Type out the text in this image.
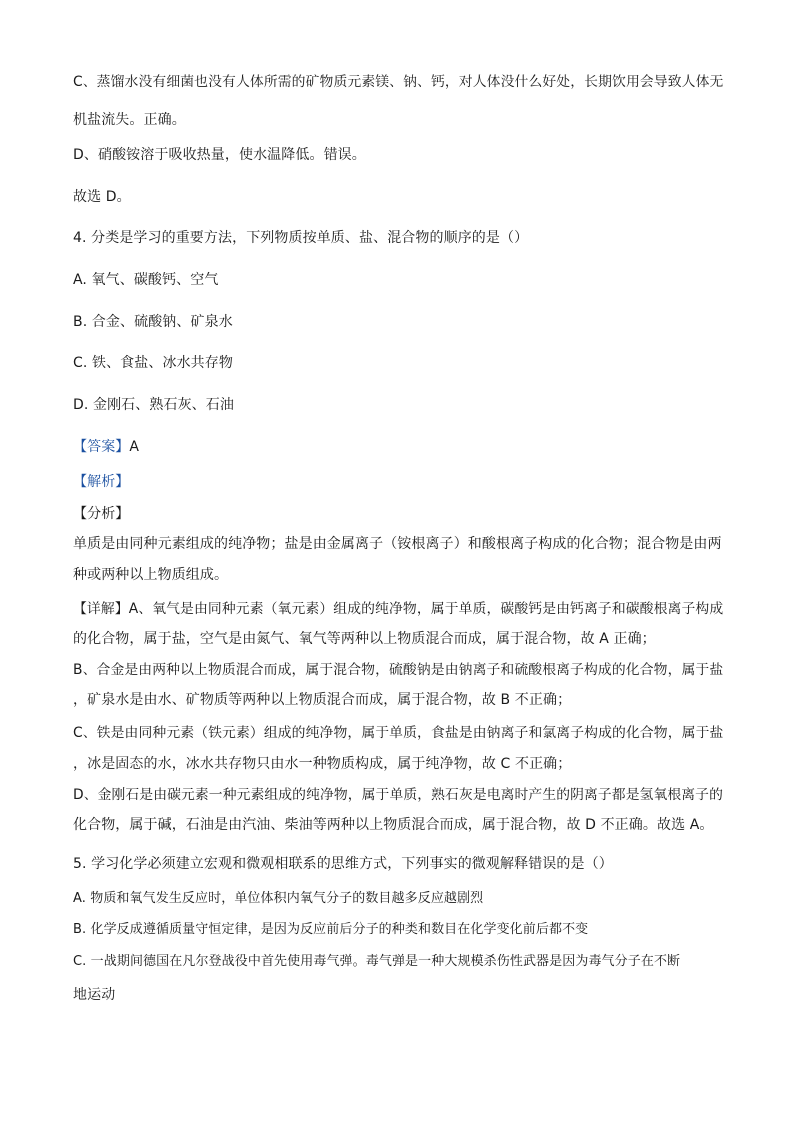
C、蒸馏水没有细菌也没有人体所需的矿物质元素镁、钠、钙，对人体没什么好处，长期饮用会导致人体无
机盐流失。正确。
D、硝酸铵溶于吸收热量，使水温降低。错误。
故选 D。
4. 分类是学习的重要方法，下列物质按单质、盐、混合物的顺序的是（）
A. 氧气、碳酸钙、空气
B. 合金、硫酸钠、矿泉水
C. 铁、食盐、冰水共存物
D. 金刚石、熟石灰、石油
【答案】A
【解析】
【分析】
单质是由同种元素组成的纯净物；盐是由金属离子（铵根离子）和酸根离子构成的化合物；混合物是由两
种或两种以上物质组成。
【详解】A、氧气是由同种元素（氧元素）组成的纯净物，属于单质，碳酸钙是由钙离子和碳酸根离子构成
的化合物，属于盐，空气是由氮气、氧气等两种以上物质混合而成，属于混合物，故 A 正确；
B、合金是由两种以上物质混合而成，属于混合物，硫酸钠是由钠离子和硫酸根离子构成的化合物，属于盐
，矿泉水是由水、矿物质等两种以上物质混合而成，属于混合物，故 B 不正确；
C、铁是由同种元素（铁元素）组成的纯净物，属于单质，食盐是由钠离子和氯离子构成的化合物，属于盐
，冰是固态的水，冰水共存物只由水一种物质构成，属于纯净物，故 C 不正确；
D、金刚石是由碳元素一种元素组成的纯净物，属于单质，熟石灰是电离时产生的阴离子都是氢氧根离子的
化合物，属于碱，石油是由汽油、柴油等两种以上物质混合而成，属于混合物，故 D 不正确。故选 A。
5. 学习化学必须建立宏观和微观相联系的思维方式，下列事实的微观解释错误的是（）
A. 物质和氧气发生反应时，单位体积内氧气分子的数目越多反应越剧烈
B. 化学反成遵循质量守恒定律，是因为反应前后分子的种类和数目在化学变化前后都不变
C. 一战期间德国在凡尔登战役中首先使用毒气弹。毒气弹是一种大规模杀伤性武器是因为毒气分子在不断
地运动
